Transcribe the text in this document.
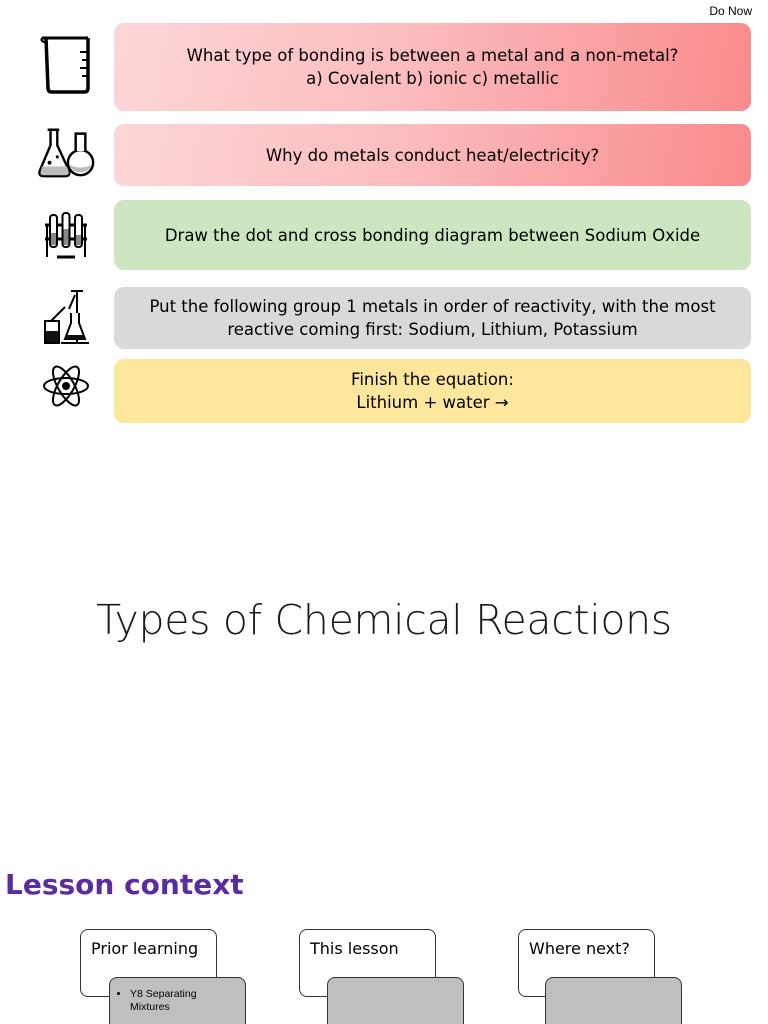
Do Now
What type of bonding is between a metal and a non-metal?
a) Covalent b) ionic c) metallic
Why do metals conduct heat/electricity?
Draw the dot and cross bonding diagram between Sodium Oxide
Put the following group 1 metals in order of reactivity, with the most
reactive coming first: Sodium, Lithium, Potassium
Finish the equation:
Lithium + water →
Types of Chemical Reactions
Lesson context
Prior learning
• Y8 Separating Mixtures
This lesson	Where next?
